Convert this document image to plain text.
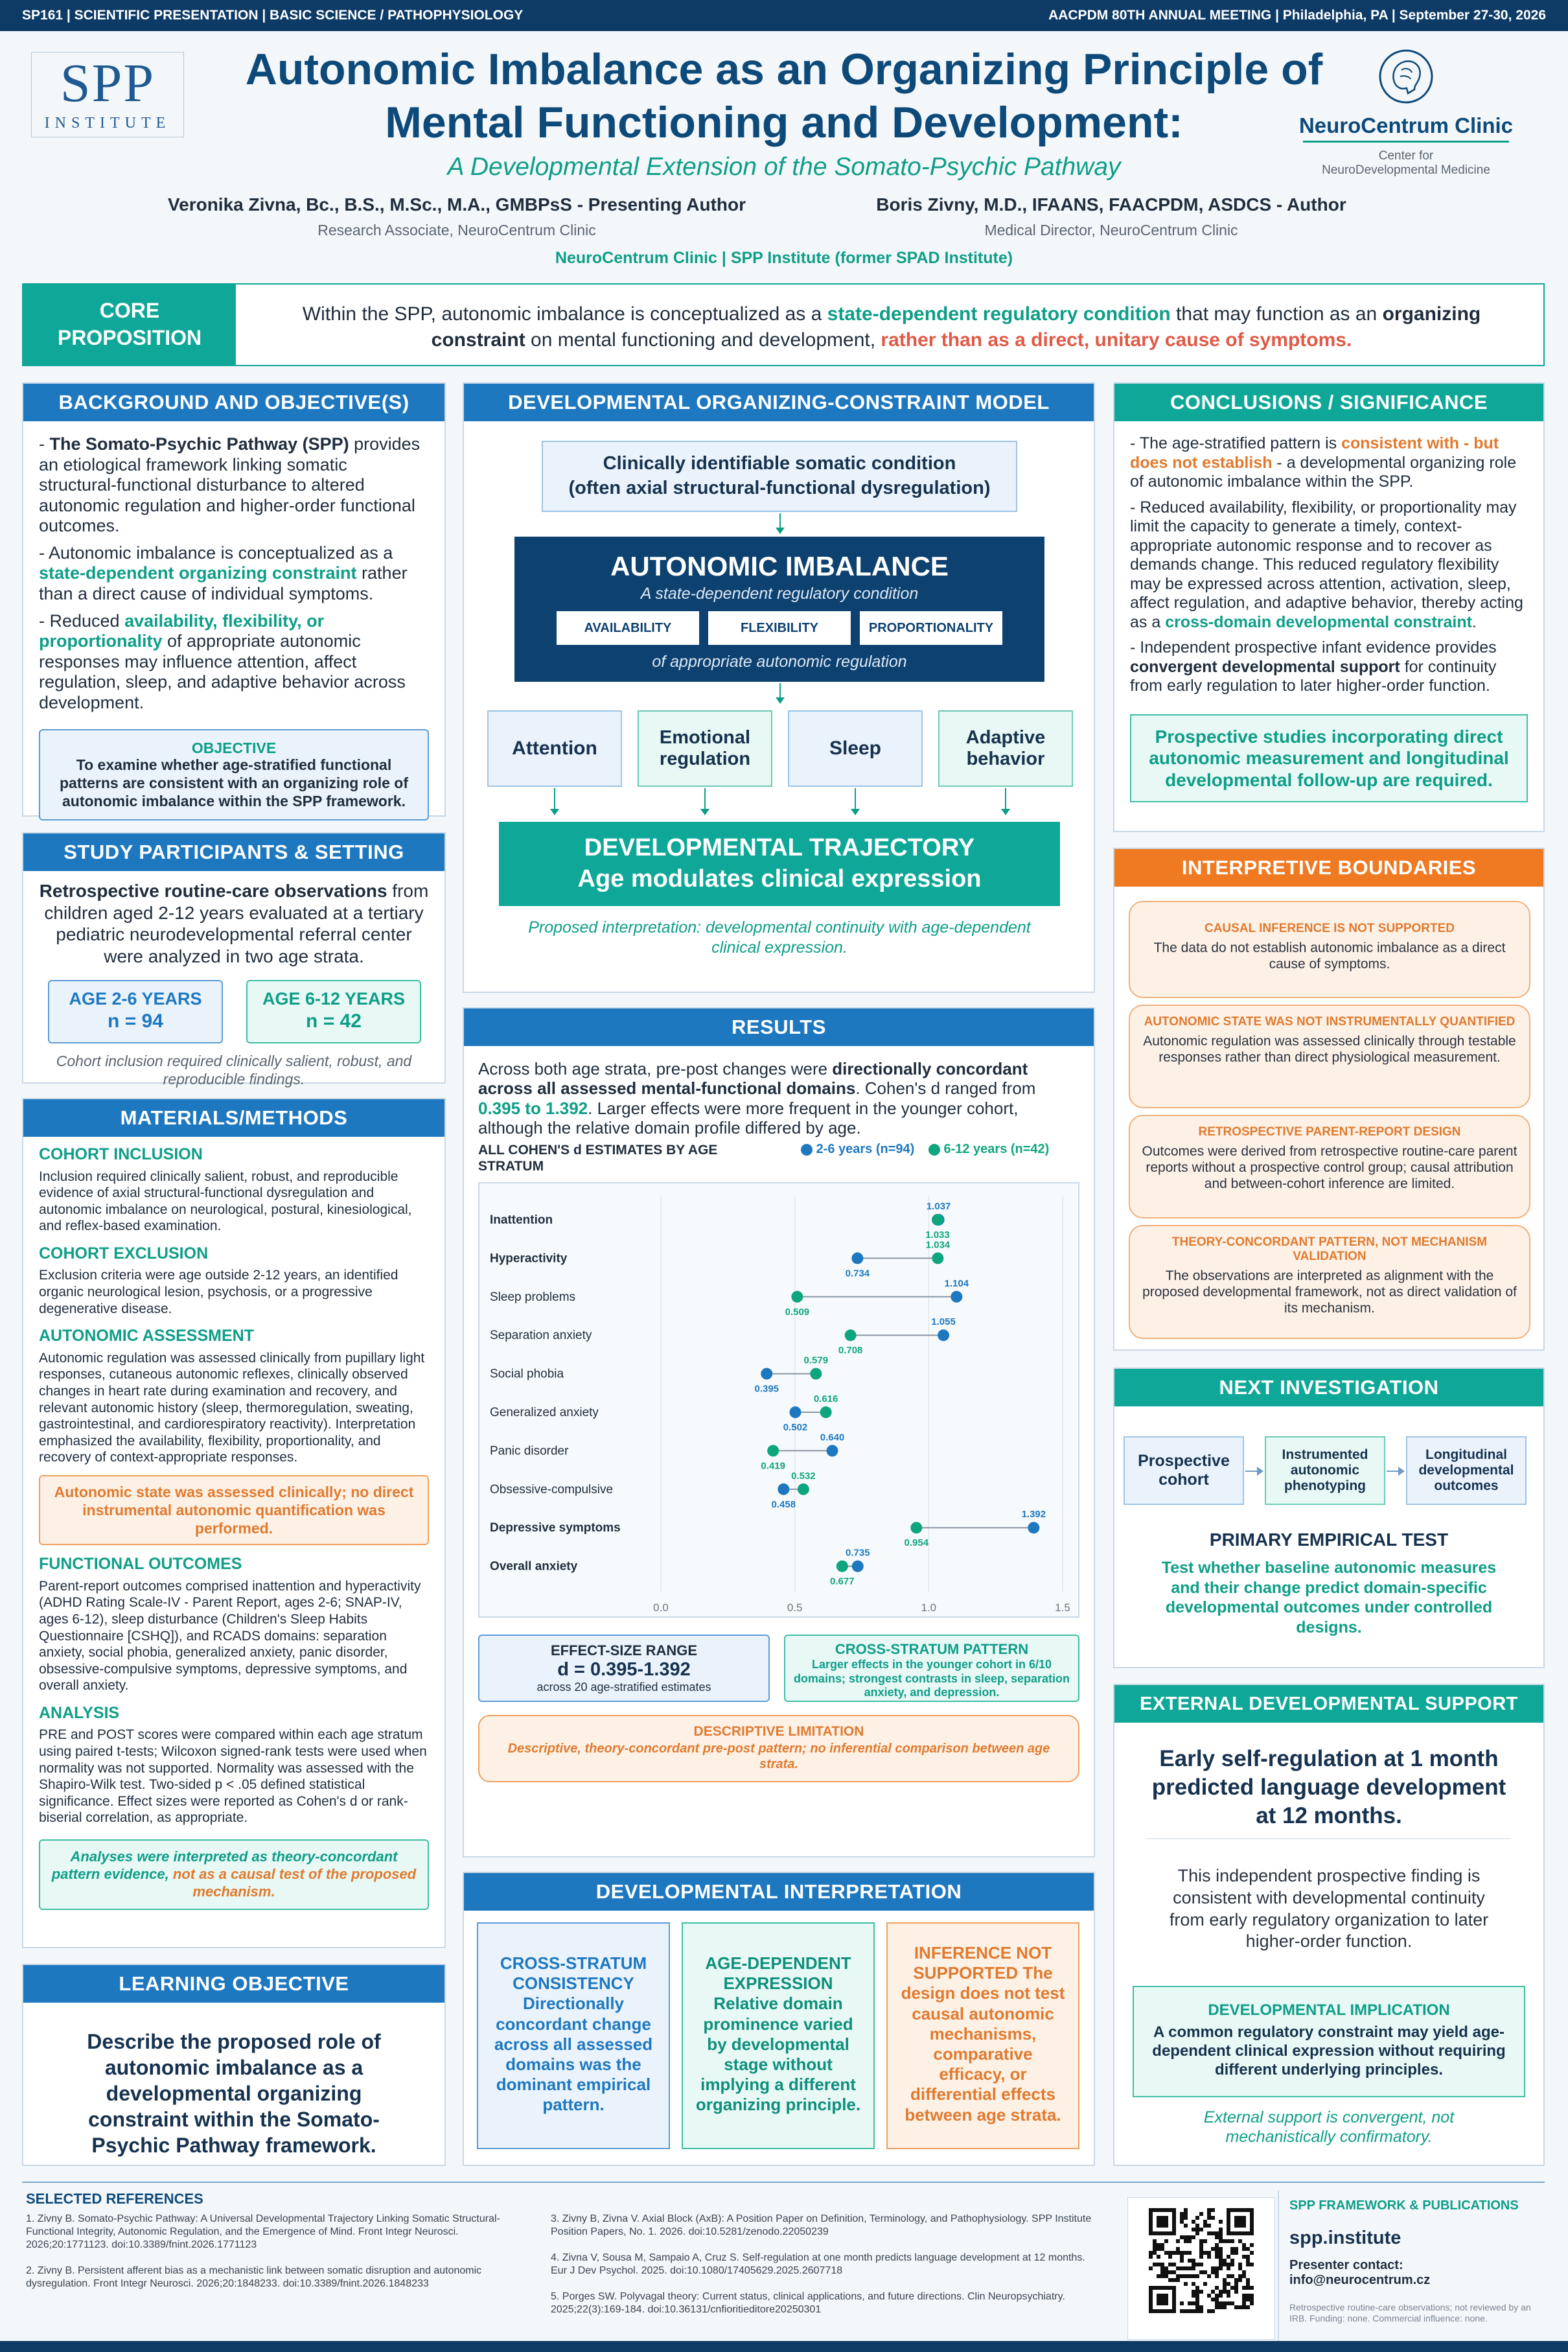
SP161 | SCIENTIFIC PRESENTATION | BASIC SCIENCE / PATHOPHYSIOLOGY	AACPDM 80TH ANNUAL MEETING | Philadelphia, PA | September 27-30, 2026
SPP
INSTITUTE
Autonomic Imbalance as an Organizing Principle of
Mental Functioning and Development:
A Developmental Extension of the Somato-Psychic Pathway
NeuroCentrum Clinic
Center for NeuroDevelopmental Medicine
Veronika Zivna, Bc., B.S., M.Sc., M.A., GMBPsS - Presenting Author
Research Associate, NeuroCentrum Clinic
Boris Zivny, M.D., IFAANS, FAACPDM, ASDCS - Author
Medical Director, NeuroCentrum Clinic
NeuroCentrum Clinic | SPP Institute (former SPAD Institute)
CORE PROPOSITION
Within the SPP, autonomic imbalance is conceptualized as a state-dependent regulatory condition that may function as an organizing constraint on mental functioning and development, rather than as a direct, unitary cause of symptoms.
BACKGROUND AND OBJECTIVE(S)

- The Somato-Psychic Pathway (SPP) provides an etiological framework linking somatic structural-functional disturbance to altered autonomic regulation and higher-order functional outcomes.

- Autonomic imbalance is conceptualized as a state-dependent organizing constraint rather than a direct cause of individual symptoms.

- Reduced availability, flexibility, or proportionality of appropriate autonomic responses may influence attention, affect regulation, sleep, and adaptive behavior across development.

OBJECTIVE
To examine whether age-stratified functional patterns are consistent with an organizing role of autonomic imbalance within the SPP framework.
STUDY PARTICIPANTS & SETTING
Retrospective routine-care observations from children aged 2-12 years evaluated at a tertiary pediatric neurodevelopmental referral center were analyzed in two age strata.
AGE 2-6 YEARS
n = 94
AGE 6-12 YEARS
n = 42
Cohort inclusion required clinically salient, robust, and reproducible findings.
MATERIALS/METHODS
COHORT INCLUSION
Inclusion required clinically salient, robust, and reproducible evidence of axial structural-functional dysregulation and autonomic imbalance on neurological, postural, kinesiological, and reflex-based examination.
COHORT EXCLUSION
Exclusion criteria were age outside 2-12 years, an identified organic neurological lesion, psychosis, or a progressive degenerative disease.
AUTONOMIC ASSESSMENT
Autonomic regulation was assessed clinically from pupillary light responses, cutaneous autonomic reflexes, clinically observed changes in heart rate during examination and recovery, and relevant autonomic history (sleep, thermoregulation, sweating, gastrointestinal, and cardiorespiratory reactivity). Interpretation emphasized the availability, flexibility, proportionality, and recovery of context-appropriate responses.
Autonomic state was assessed clinically; no direct instrumental autonomic quantification was performed.
FUNCTIONAL OUTCOMES
Parent-report outcomes comprised inattention and hyperactivity (ADHD Rating Scale-IV - Parent Report, ages 2-6; SNAP-IV, ages 6-12), sleep disturbance (Children's Sleep Habits Questionnaire [CSHQ]), and RCADS domains: separation anxiety, social phobia, generalized anxiety, panic disorder, obsessive-compulsive symptoms, depressive symptoms, and overall anxiety.
ANALYSIS
PRE and POST scores were compared within each age stratum using paired t-tests; Wilcoxon signed-rank tests were used when normality was not supported. Normality was assessed with the Shapiro-Wilk test. Two-sided p < .05 defined statistical significance. Effect sizes were reported as Cohen's d or rank-biserial correlation, as appropriate.
Analyses were interpreted as theory-concordant pattern evidence, not as a causal test of the proposed mechanism.
LEARNING OBJECTIVE
Describe the proposed role of autonomic imbalance as a developmental organizing constraint within the Somato-Psychic Pathway framework.
DEVELOPMENTAL ORGANIZING-CONSTRAINT MODEL
Clinically identifiable somatic condition
(often axial structural-functional dysregulation)
AUTONOMIC IMBALANCE
A state-dependent regulatory condition
AVAILABILITY	FLEXIBILITY	PROPORTIONALITY
of appropriate autonomic regulation
Attention	Emotional regulation	Sleep	Adaptive behavior
DEVELOPMENTAL TRAJECTORY
Age modulates clinical expression
Proposed interpretation: developmental continuity with age-dependent clinical expression.
RESULTS
Across both age strata, pre-post changes were directionally concordant across all assessed mental-functional domains. Cohen's d ranged from 0.395 to 1.392. Larger effects were more frequent in the younger cohort, although the relative domain profile differed by age.
ALL COHEN'S d ESTIMATES BY AGE STRATUM
2-6 years (n=94) 6-12 years (n=42)
0.0	0.5	1.0	1.5
Inattention
1.037
1.033
Hyperactivity
0.734
1.034
Sleep problems
1.104
0.509
Separation anxiety
1.055
0.708
Social phobia
0.395
0.579
Generalized anxiety
0.502
0.616
Panic disorder
0.640
0.419
Obsessive-compulsive
0.458
0.532
Depressive symptoms
1.392
0.954
Overall anxiety
0.735
0.677
EFFECT-SIZE RANGE
d = 0.395-1.392
across 20 age-stratified estimates
CROSS-STRATUM PATTERN
Larger effects in the younger cohort in 6/10 domains; strongest contrasts in sleep, separation anxiety, and depression.
DESCRIPTIVE LIMITATION
Descriptive, theory-concordant pre-post pattern; no inferential comparison between age strata.
DEVELOPMENTAL INTERPRETATION
CROSS-STRATUM CONSISTENCY Directionally concordant change across all assessed domains was the dominant empirical pattern.
AGE-DEPENDENT EXPRESSION Relative domain prominence varied by developmental stage without implying a different organizing principle.
INFERENCE NOT SUPPORTED The design does not test causal autonomic mechanisms, comparative efficacy, or differential effects between age strata.
CONCLUSIONS / SIGNIFICANCE

- The age-stratified pattern is consistent with - but does not establish - a developmental organizing role of autonomic imbalance within the SPP.

- Reduced availability, flexibility, or proportionality may limit the capacity to generate a timely, context-appropriate autonomic response and to recover as demands change. This reduced regulatory flexibility may be expressed across attention, activation, sleep, affect regulation, and adaptive behavior, thereby acting as a cross-domain developmental constraint.

- Independent prospective infant evidence provides convergent developmental support for continuity from early regulation to later higher-order function.

Prospective studies incorporating direct autonomic measurement and longitudinal developmental follow-up are required.
INTERPRETIVE BOUNDARIES
CAUSAL INFERENCE IS NOT SUPPORTED
The data do not establish autonomic imbalance as a direct cause of symptoms.
AUTONOMIC STATE WAS NOT INSTRUMENTALLY QUANTIFIED
Autonomic regulation was assessed clinically through testable responses rather than direct physiological measurement.
RETROSPECTIVE PARENT-REPORT DESIGN
Outcomes were derived from retrospective routine-care parent reports without a prospective control group; causal attribution and between-cohort inference are limited.
THEORY-CONCORDANT PATTERN, NOT MECHANISM VALIDATION
The observations are interpreted as alignment with the proposed developmental framework, not as direct validation of its mechanism.
NEXT INVESTIGATION
Prospective cohort
Instrumented autonomic phenotyping
Longitudinal developmental outcomes
PRIMARY EMPIRICAL TEST
Test whether baseline autonomic measures and their change predict domain-specific developmental outcomes under controlled designs.
EXTERNAL DEVELOPMENTAL SUPPORT
Early self-regulation at 1 month predicted language development at 12 months.
This independent prospective finding is consistent with developmental continuity from early regulatory organization to later higher-order function.
DEVELOPMENTAL IMPLICATION
A common regulatory constraint may yield age-dependent clinical expression without requiring different underlying principles.
External support is convergent, not mechanistically confirmatory.
SELECTED REFERENCES
1. Zivny B. Somato-Psychic Pathway: A Universal Developmental Trajectory Linking Somatic Structural-Functional Integrity, Autonomic Regulation, and the Emergence of Mind. Front Integr Neurosci. 2026;20:1771123. doi:10.3389/fnint.2026.1771123
2. Zivny B. Persistent afferent bias as a mechanistic link between somatic disruption and autonomic dysregulation. Front Integr Neurosci. 2026;20:1848233. doi:10.3389/fnint.2026.1848233
3. Zivny B, Zivna V. Axial Block (AxB): A Position Paper on Definition, Terminology, and Pathophysiology. SPP Institute Position Papers, No. 1. 2026. doi:10.5281/zenodo.22050239
4. Zivna V, Sousa M, Sampaio A, Cruz S. Self-regulation at one month predicts language development at 12 months. Eur J Dev Psychol. 2025. doi:10.1080/17405629.2025.2607718
5. Porges SW. Polyvagal theory: Current status, clinical applications, and future directions. Clin Neuropsychiatry. 2025;22(3):169-184. doi:10.36131/cnfioritieditore20250301
SPP FRAMEWORK & PUBLICATIONS
spp.institute
Presenter contact:
info@neurocentrum.cz
Retrospective routine-care observations; not reviewed by an IRB. Funding: none. Commercial influence: none.
